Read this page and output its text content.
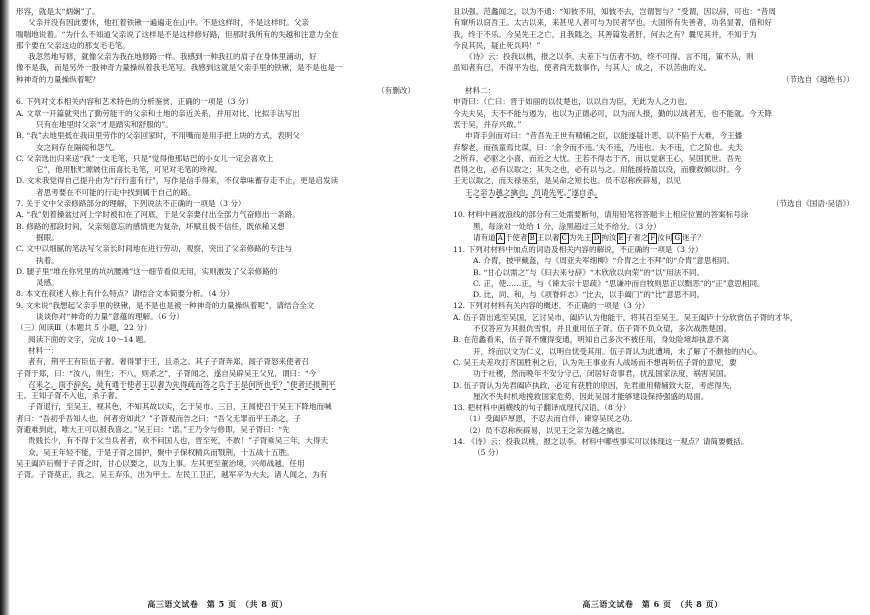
形容，就是太“炳娴”了。
父亲并没有因此要休，他扛着铁锹一遍遍走在山中。不是这样时，不是这样时。父亲
喘喘地说着。“为什么不知道父亲说了这样是不是这样修好路，但那时我所有的失越和注意力全在
那个要在父亲这边的那支毛毛笔。
我忽然地写修，就像父亲为我在地修路一样。我感到一种我扛的肩子在身体里涌动，好
像不是我，而是另外一股神奇力量操纵着我毛笔写。我感到这就是父亲手里的铁锹，是不是也是一
种神奇的力量操纵着呢？
（有删改）
6. 下列对文本相关内容和艺术特色的分析鉴赏，正确的一项是（3 分）
A. 文章一开篇就突出了勤劳能干的父亲和土地的亲近关系，并用对比、比拟手法写出
只有在地里时父亲“才是踏实和舒服的”。
B. “我”去地里抵在我田里劳作的父亲回家时，不用嘴而是用手把上块的方式，表明父
女之间存在隔阂和怨气。
C. 父亲选出归来送“我”一支毛笔，只是“觉得他那姑巴的小女儿一定会喜欢上
它”，他用胀贮塬皴住而喜长毛笔，可见对毛笔的珍视。
D. 文末我觉得自己提升由为“行行蛮有行”，写作是信手得来，不仅靠味蓄存走不止，更是启发读
者思考要在不可能的行走中找到属于自己的路。
7. 关于文中父亲修路部分的理解，下列说法不正确的一项是（3 分）
A. “我”划着搡盆过河上学时被扣在了河底，于是父亲要付出全部力气奋修出一条路。
B. 修路的那段时间，父亲刻意忘的感情更为复杂，坏赋且极不信任，既依稀又想
掘眼。
C. 文中以细腻的笔法写父亲长时间地在进行劳动，观察，突出了父亲修路的专注与
执着。
D. 腿子里“堆在你旯里的坑坑腰滩”这一细节看似无用，实则激发了父亲修路的
灵感。
8. 本文在叙述人称上有什么特点？请结合文本简要分析。（4 分）
9. 文末说“我想起父亲手里的铁锹，是不是也是被一种神奇的力量操纵着呢”，请结合全文
谈谈你对“神奇的力量”意蕴的理解。（6 分）
（三）阅读Ⅲ（本题共 5 小题，22 分）
阅读下面的文字，完成 10～14 题。
材料一：
者有，荆平王有臣伍子奢。奢得罪于王，且杀之。其子子胥奔郑，闻子胥怒来使者召
子胥于郑，曰：“汝八，则生；不八，则杀之”，子胥闻之，遂自吴辟吴王父兄，谓曰：“今
召来之，雨不辞矣。徒有通于使者王以奢为先得疏而答之兵于王是何所也乎？”使者还报荆平
王。王知子胥不入也，杀子奢。
子胥退行，至吴王，视其色，不知其故以实，乞于吴市。三日，王闻使召于吴王下降地而喊
者曰：“吾初乎吾知人也，何者穷如此？”子胥观而告之曰：“吾父无罪而平王杀之。子
胥避难到此，唯大王可以报我喜之。”吴王曰：“诺。”王乃令与修即，吴子胥曰：“先
贵贱长少，有不得于父当兵者者，欢不问国人也，晋至死，不敢！”子胥乘吴三年，大得天
众。吴王年轻不能，于是子胥之国护，聚中子保权精兵而戮荆，十五战十五胜。
吴王阖庐后赐于子胥之时，甘心以要之，以为上事。左其更至董治境，兴师战越，任用
子胥。子胥莫正，我之，吴王弃乐，出为甲士。左民工卫正，越军辛为大夫，诸人闻之，为有
高三语文试卷　第 5 页　（共 8 页）
且以强。范蠡闻之，以为不通：“知彼不用，知彼不去，岂谓智与？”受谓，因以辞，可也：“昔周
有窜所以窃吾王。太古以来，来甚见人者可与为民者罕也，大国所有失善者，功名显著，借和好
我，终于不乐。今吴先王之亡，且我随之，其善篇发者肝，何去之有？曩见其并，不知于为
今良其民，疑止死兵吗！”
《诗》云：投我以桃，报之以李。夫差下与伍者不妨，终不可得。言不用，策不从，则
虽知者有已，不得平为也，使者尚无数事作，与其人，成之，不以苦曲的义。
（节选自《越绝书》）
材料二：
申胥曰：（亡曰：晋于如丽的以仗楚也，以以自为臣，无此为人之力也。
今夫夫吴，天不不能与遏为，也以为正德必可，以为而人报，勤的以战者无，也不能就。今天降
衷于吴，并存兴敢。”
申胥手剑而对曰：“昔吾先王世有精辅之臣，以能遂疑计恶，以不陷于大难，今王播
弃黎老，而孩童焉比谋，曰：‘余令而不违。’夫不违，乃违也。夫不违，亡之阶也。夫天
之所弃，必驱之小喜，而近之大忧。王若不得志于齐，而以觉寤王心，吴国犹世。吾先
君得之也，必有以取之；其失之也，必有以与之。用能援持盈以没，而骤救倾以时。今
王无以取之，而天禄巫至，是吴命之短长也。员不忍称疾辟易，以见
王之亲为越之擒也。员请先死。”遂自杀。
（节选自《国语·吴语》）
10. 材料中画波浪线的部分有三处需要断句，请用铅笔将答题卡上相应位置的答案标号涂
黑，每涂对一处给 1 分，涂黑超过三处不给分。（3 分）
请有道 A 于使者 B 王以奢 C 为先王 D 拘汝 E 子奢之 F 汝何 G 迷子？
11. 下列对材料中加点的词语及相关内容的解说，不正确的一项是（3 分）
A. 介胄，披甲戴盔，与《周亚夫军细柳》“介胄之士不拜”的“介胄”意思相同。
B. “甘心以需之”与《归去来兮辞》“木欣欣以向荣”的“以”用法不同。
C. 正，使……正，与《谏太宗十思疏》“思谦冲而自牧则思正以黜恶”的“正”意思相同。
D. 比，同、和，与《项脊轩志》“比去，以手阖门”的“比”意思不同。
12. 下列对材料有关内容的概述，不正确的一项是（3 分）
A. 伍子胥出逃至吴国，乞讨吴市，阖庐认为他能干，将其召至吴王。吴王阖庐十分欣赏伍子胥的才华，
不仅答应为其报仇雪恨，并且重用伍子胥。伍子胥不负众望，多次战胜楚国。
B. 在范蠡看来，伍子胥不懂得变通，明知自己多次不被任用，身处险境却执意不离
开，终而以文为仁义，以明自忧受其用。伍子胥认为此遭境，未了解了不颇他的内心。
C. 吴王夫差攻打齐国胜利之后，认为先王事业有人战场而不想再听伍子胥的意见，要
功于社稷，然而晚年不安分守己，闭居好奇事君，扰乱国家法度，祸害吴国。
D. 伍子胥认为先君阖庐执政，必定有获胜的原因，先君重用精辅致大臣，考虑得失，
厘次不失时机地挽救国家危势，因此吴国才能够建设保持强盛的局面。
13. 把材料中画横线的句子翻译成现代汉语。（8 分）
（1）受阖庐厚恩，不忍去而自伴，谏穿吴民之功。
（2）员不忍称疾辟易，以见王之亲为越之擒也。
14. 《诗》云：投我以桃，报之以李。材料中哪些事实可以体现这一观点？请简要概括。
（5 分）
高三语文试卷　第 6 页　（共 8 页）
